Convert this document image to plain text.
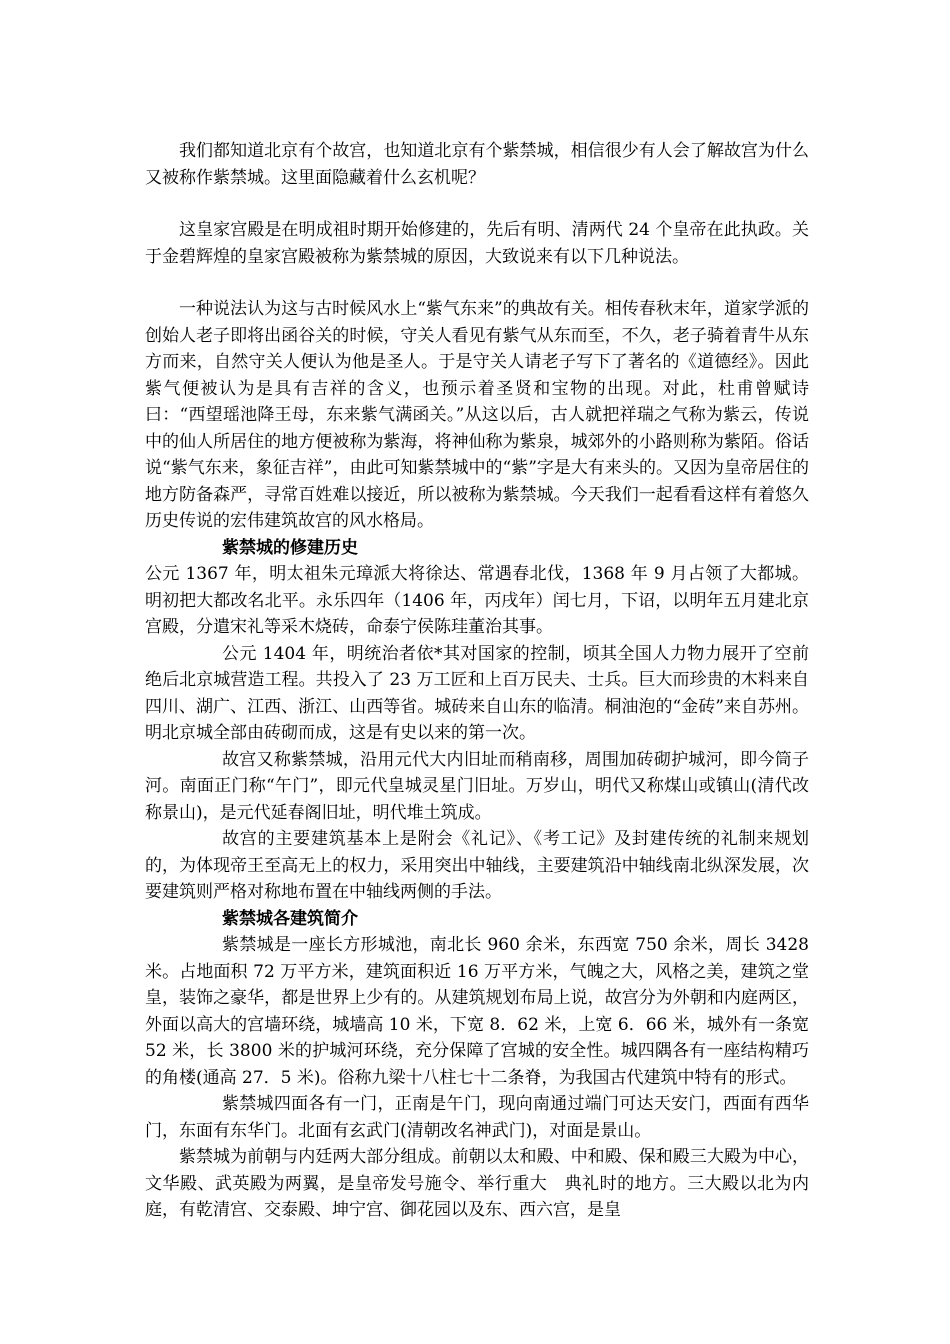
我们都知道北京有个故宫，也知道北京有个紫禁城，相信很少有人会了解故宫为什么又被称作紫禁城。这里面隐藏着什么玄机呢？

这皇家宫殿是在明成祖时期开始修建的，先后有明、清两代 24 个皇帝在此执政。关于金碧辉煌的皇家宫殿被称为紫禁城的原因，大致说来有以下几种说法。

一种说法认为这与古时候风水上“紫气东来”的典故有关。相传春秋末年，道家学派的创始人老子即将出函谷关的时候，守关人看见有紫气从东而至，不久，老子骑着青牛从东方而来，自然守关人便认为他是圣人。于是守关人请老子写下了著名的《道德经》。因此紫气便被认为是具有吉祥的含义，也预示着圣贤和宝物的出现。对此，杜甫曾赋诗曰：“西望瑶池降王母，东来紫气满函关。”从这以后，古人就把祥瑞之气称为紫云，传说中的仙人所居住的地方便被称为紫海，将神仙称为紫泉，城郊外的小路则称为紫陌。俗话说“紫气东来，象征吉祥”，由此可知紫禁城中的“紫”字是大有来头的。又因为皇帝居住的地方防备森严，寻常百姓难以接近，所以被称为紫禁城。今天我们一起看看这样有着悠久历史传说的宏伟建筑故宫的风水格局。

紫禁城的修建历史

公元 1367 年，明太祖朱元璋派大将徐达、常遇春北伐，1368 年 9 月占领了大都城。明初把大都改名北平。永乐四年（1406 年，丙戌年）闰七月，下诏，以明年五月建北京宫殿，分遣宋礼等采木烧砖，命泰宁侯陈珪董治其事。

公元 1404 年，明统治者依*其对国家的控制，顷其全国人力物力展开了空前绝后北京城营造工程。共投入了 23 万工匠和上百万民夫、士兵。巨大而珍贵的木料来自四川、湖广、江西、浙江、山西等省。城砖来自山东的临清。桐油泡的“金砖”来自苏州。明北京城全部由砖砌而成，这是有史以来的第一次。

故宫又称紫禁城，沿用元代大内旧址而稍南移，周围加砖砌护城河，即今筒子河。南面正门称“午门”，即元代皇城灵星门旧址。万岁山，明代又称煤山或镇山(清代改称景山)，是元代延春阁旧址，明代堆土筑成。

故宫的主要建筑基本上是附会《礼记》、《考工记》及封建传统的礼制来规划的，为体现帝王至高无上的权力，采用突出中轴线，主要建筑沿中轴线南北纵深发展，次要建筑则严格对称地布置在中轴线两侧的手法。

紫禁城各建筑简介

紫禁城是一座长方形城池，南北长 960 余米，东西宽 750 余米，周长 3428 米。占地面积 72 万平方米，建筑面积近 16 万平方米，气魄之大，风格之美，建筑之堂皇，装饰之豪华，都是世界上少有的。从建筑规划布局上说，故宫分为外朝和内庭两区，外面以高大的宫墙环绕，城墙高 10 米，下宽 8．62 米，上宽 6．66 米，城外有一条宽 52 米，长 3800 米的护城河环绕，充分保障了宫城的安全性。城四隅各有一座结构精巧的角楼(通高 27．5 米)。俗称九梁十八柱七十二条脊，为我国古代建筑中特有的形式。

紫禁城四面各有一门，正南是午门，现向南通过端门可达天安门，西面有西华门，东面有东华门。北面有玄武门(清朝改名神武门)，对面是景山。

紫禁城为前朝与内廷两大部分组成。前朝以太和殿、中和殿、保和殿三大殿为中心，文华殿、武英殿为两翼，是皇帝发号施令、举行重大　典礼时的地方。三大殿以北为内庭，有乾清宫、交泰殿、坤宁宫、御花园以及东、西六宫，是皇
